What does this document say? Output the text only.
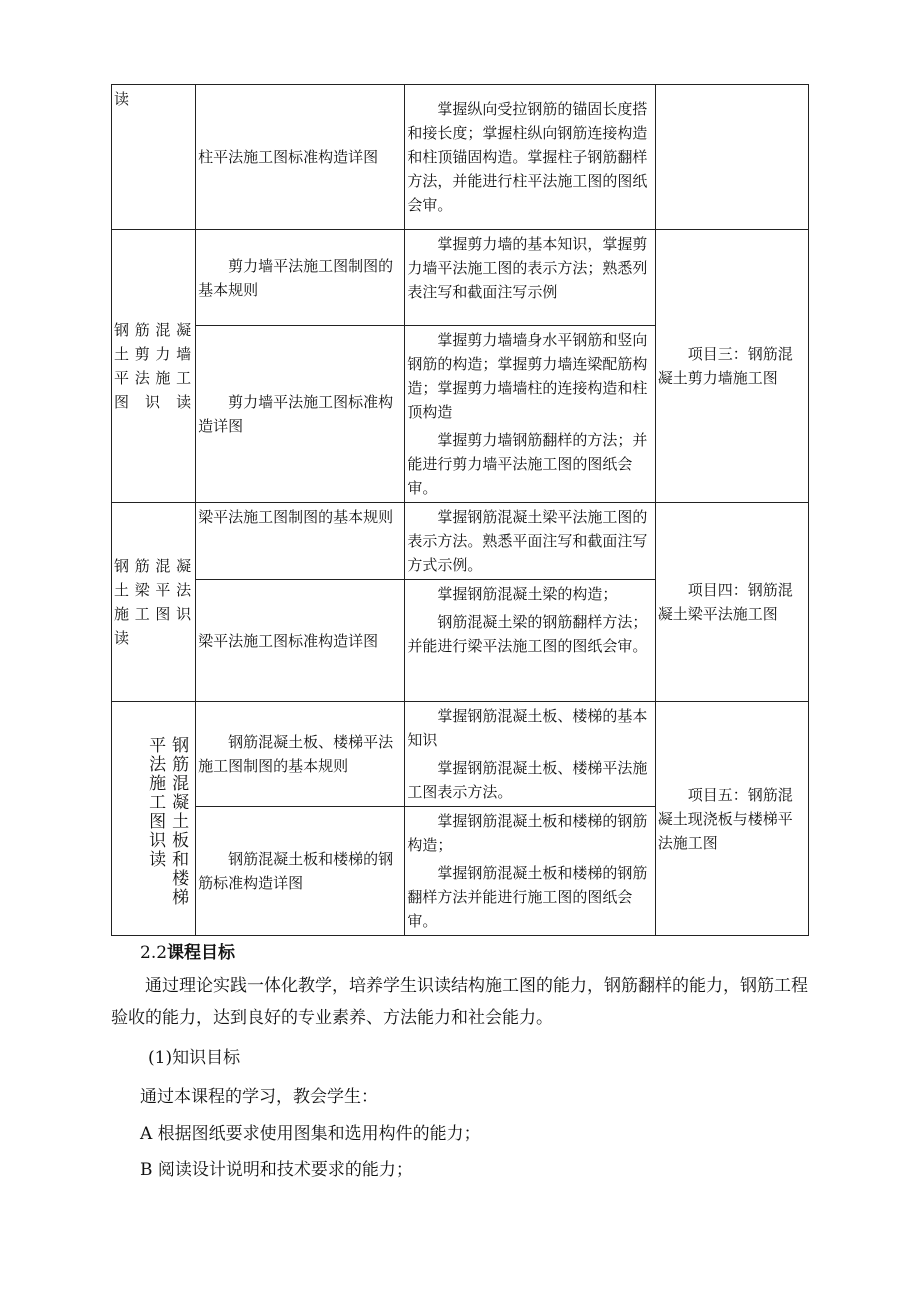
读	柱平法施工图标准构造详图	掌握纵向受拉钢筋的锚固长度搭和接长度；掌握柱纵向钢筋连接构造和柱顶锚固构造。掌握柱子钢筋翻样方法，并能进行柱平法施工图的图纸会审。	

钢筋混凝土剪力墙平法施工图识读	剪力墙平法施工图制图的基本规则	掌握剪力墙的基本知识，掌握剪力墙平法施工图的表示方法；熟悉列表注写和截面注写示例	项目三：钢筋混凝土剪力墙施工图

	剪力墙平法施工图标准构造详图	掌握剪力墙墙身水平钢筋和竖向钢筋的构造；掌握剪力墙连梁配筋构造；掌握剪力墙墙柱的连接构造和柱顶构造
掌握剪力墙钢筋翻样的方法；并能进行剪力墙平法施工图的图纸会审。	

钢筋混凝土梁平法施工图识读	梁平法施工图制图的基本规则	掌握钢筋混凝土梁平法施工图的表示方法。熟悉平面注写和截面注写方式示例。	项目四：钢筋混凝土梁平法施工图

	梁平法施工图标准构造详图	掌握钢筋混凝土梁的构造；
钢筋混凝土梁的钢筋翻样方法；并能进行梁平法施工图的图纸会审。	

钢筋混凝土板和楼梯平法施工图识读	钢筋混凝土板、楼梯平法施工图制图的基本规则	掌握钢筋混凝土板、楼梯的基本知识
掌握钢筋混凝土板、楼梯平法施工图表示方法。	项目五：钢筋混凝土现浇板与楼梯平法施工图

	钢筋混凝土板和楼梯的钢筋标准构造详图	掌握钢筋混凝土板和楼梯的钢筋构造；
掌握钢筋混凝土板和楼梯的钢筋翻样方法并能进行施工图的图纸会审。	
2.2课程目标
通过理论实践一体化教学，培养学生识读结构施工图的能力，钢筋翻样的能力，钢筋工程验收的能力，达到良好的专业素养、方法能力和社会能力。
(1)知识目标
通过本课程的学习，教会学生：
A 根据图纸要求使用图集和选用构件的能力；
B 阅读设计说明和技术要求的能力；
